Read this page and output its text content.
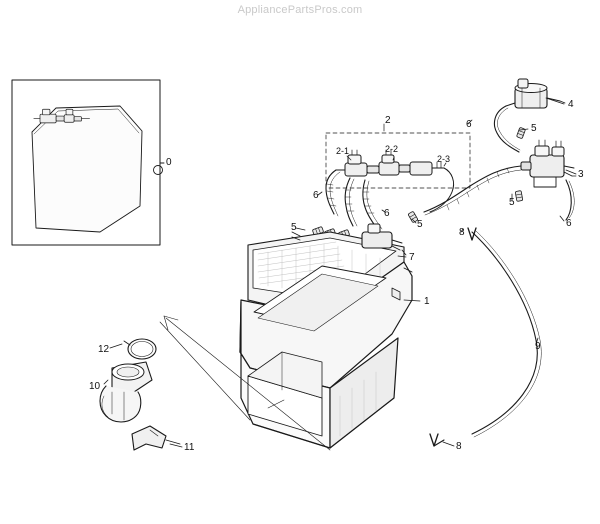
AppliancePartsPros.com
0
1
2
2-1	2-2
2-3
3
4
5
5
5
5
6
6
6
6
7
8
8
9
10
11
12
